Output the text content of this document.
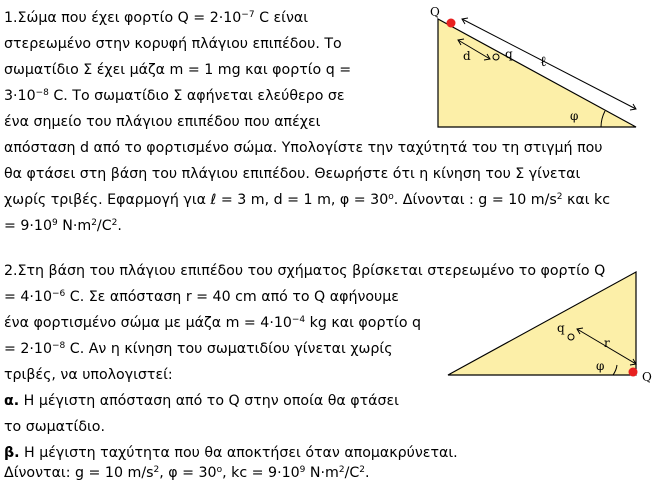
1.Σώμα που έχει φορτίο $Q = 2\cdot 10^{-7}$ C είναι
στερεωμένο στην κορυφή πλάγιου επιπέδου. Το
σωματίδιο Σ έχει μάζα m = 1 mg και φορτίο q =
$3\cdot 10^{-8}$ C. Το σωματίδιο Σ αφήνεται ελεύθερο σε
ένα σημείο του πλάγιου επιπέδου που απέχει
απόσταση d από το φορτισμένο σώμα. Υπολογίστε την ταχύτητά του τη στιγμή που
θα φτάσει στη βάση του πλάγιου επιπέδου. Θεωρήστε ότι η κίνηση του Σ γίνεται
χωρίς τριβές. Εφαρμογή για ℓ = 3 m, d = 1 m, $\varphi = 30^o$. Δίνονται : g = 10 $m/s^2$ και kc
= $9\cdot 10^9$ $N\cdot m^2/C^2$.
Q
d	q ℓ
φ
2.Στη βάση του πλάγιου επιπέδου του σχήματος βρίσκεται στερεωμένο το φορτίο Q
= $4\cdot 10^{-6}$ C. Σε απόσταση r = 40 cm από το Q αφήνουμε
ένα φορτισμένο σώμα με μάζα $m = 4\cdot 10^{-4}$ kg και φορτίο q
= $2\cdot 10^{-8}$ C. Αν η κίνηση του σωματιδίου γίνεται χωρίς
τριβές, να υπολογιστεί:
α. Η μέγιστη απόσταση από το Q στην οποία θα φτάσει
το σωματίδιο.
β. Η μέγιστη ταχύτητα που θα αποκτήσει όταν απομακρύνεται.
Δίνονται: g = 10 $m/s^2$, $\varphi = 30^o$, kc = $9\cdot 10^9$ $N\cdot m^2/C^2$.
Q
q
r
φ
